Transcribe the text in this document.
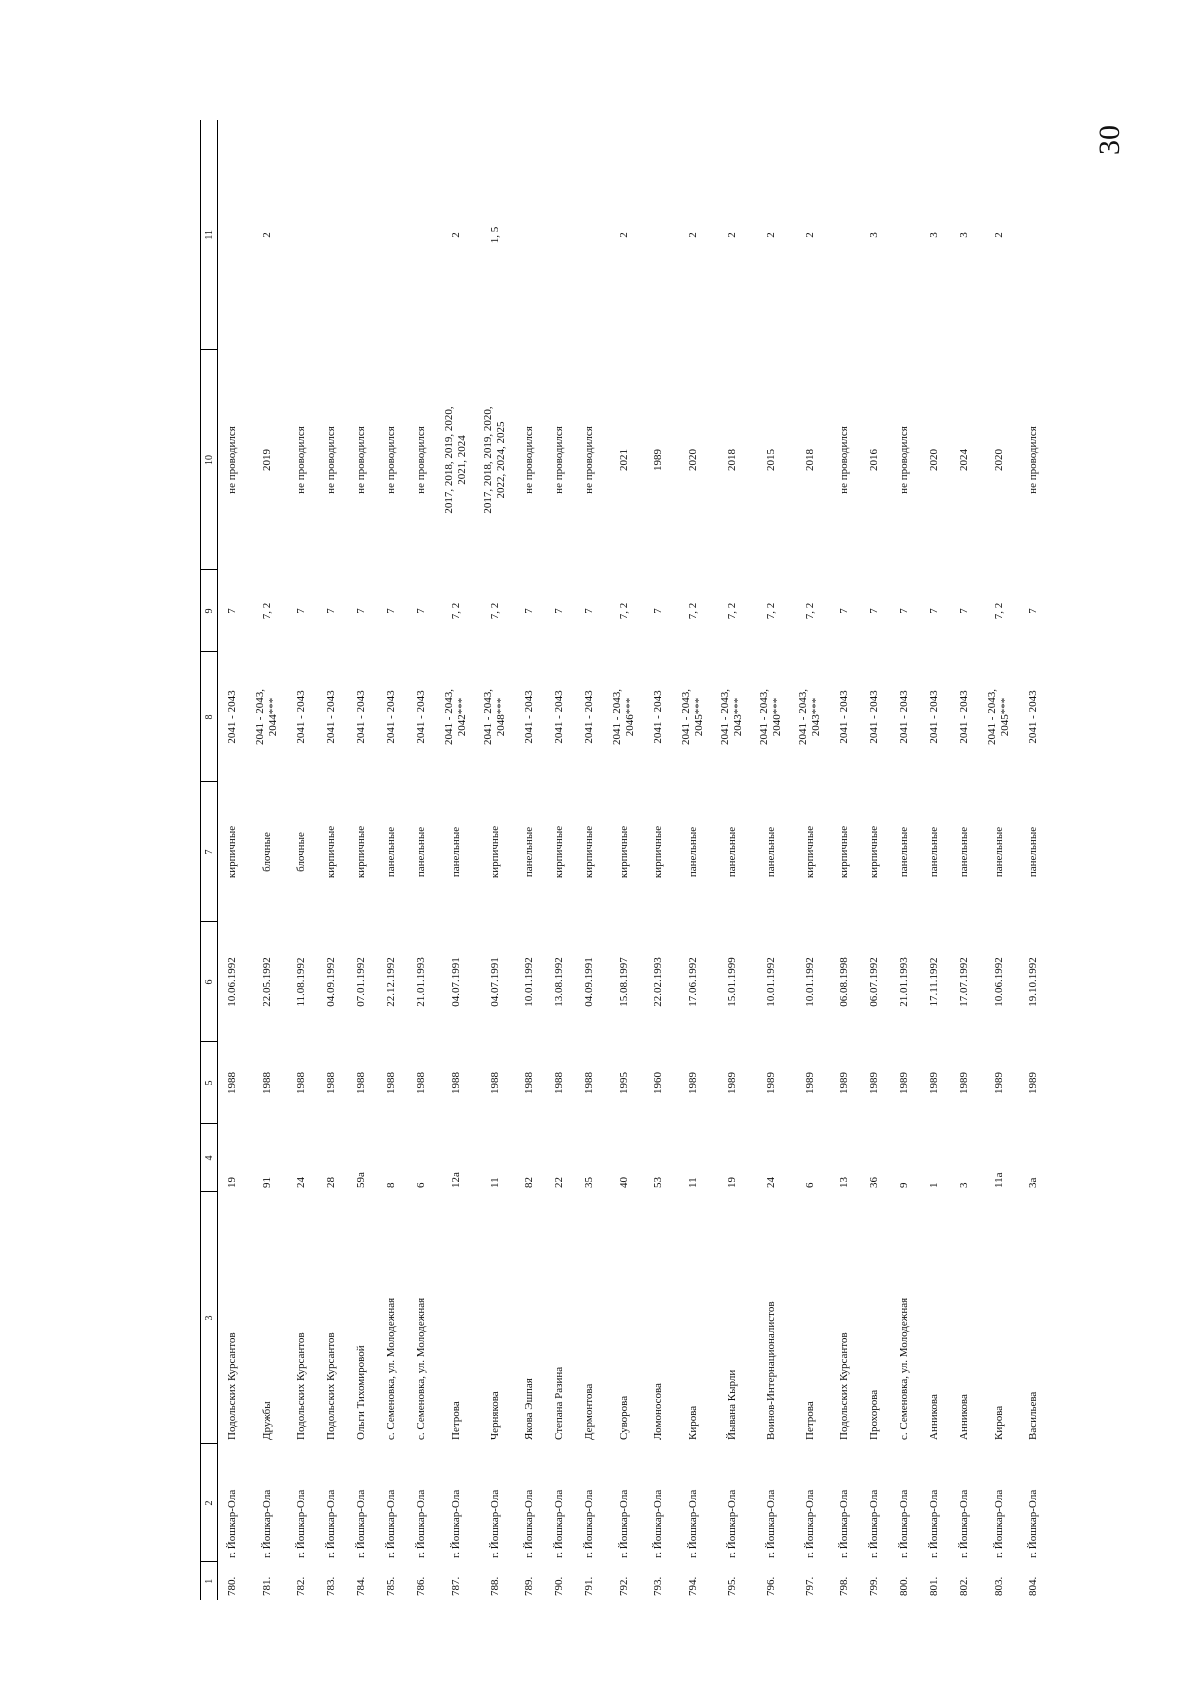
30
1	2	3	4	5	6	7	8	9	10	11
780.	г. Йошкар-Ола	Подольских Курсантов	19	1988	10.06.1992	кирпичные	2041 - 2043	7	не проводился	

781.	г. Йошкар-Ола	Дружбы	91	1988	22.05.1992	блочные	2041 - 2043, 2044***	7, 2	2019	2
782.	г. Йошкар-Ола	Подольских Курсантов	24	1988	11.08.1992	блочные	2041 - 2043	7	не проводился	

783.	г. Йошкар-Ола	Подольских Курсантов	28	1988	04.09.1992	кирпичные	2041 - 2043	7	не проводился	

784.	г. Йошкар-Ола	Ольги Тихомировой	59а	1988	07.01.1992	кирпичные	2041 - 2043	7	не проводился	

785.	г. Йошкар-Ола	с. Семеновка, ул. Молодежная	8	1988	22.12.1992	панельные	2041 - 2043	7	не проводился	

786.	г. Йошкар-Ола	с. Семеновка, ул. Молодежная	6	1988	21.01.1993	панельные	2041 - 2043	7	не проводился	

787.	г. Йошкар-Ола	Петрова	12а	1988	04.07.1991	панельные	2041 - 2043, 2042***	7, 2	2017, 2018, 2019, 2020, 2021, 2024	2
788.	г. Йошкар-Ола	Чернякова	11	1988	04.07.1991	кирпичные	2041 - 2043, 2048***	7, 2	2017, 2018, 2019, 2020, 2022, 2024, 2025	1, 5
789.	г. Йошкар-Ола	Якова Эшпая	82	1988	10.01.1992	панельные	2041 - 2043	7	не проводился	

790.	г. Йошкар-Ола	Степана Разина	22	1988	13.08.1992	кирпичные	2041 - 2043	7	не проводился	

791.	г. Йошкар-Ола	Дермонтова	35	1988	04.09.1991	кирпичные	2041 - 2043	7	не проводился	

792.	г. Йошкар-Ола	Суворова	40	1995	15.08.1997	кирпичные	2041 - 2043, 2046***	7, 2	2021	2
793.	г. Йошкар-Ола	Ломоносова	53	1960	22.02.1993	кирпичные	2041 - 2043	7	1989	

794.	г. Йошкар-Ола	Кирова	11	1989	17.06.1992	панельные	2041 - 2043, 2045***	7, 2	2020	2
795.	г. Йошкар-Ола	Йывана Кырли	19	1989	15.01.1999	панельные	2041 - 2043, 2043***	7, 2	2018	2
796.	г. Йошкар-Ола	Воинов-Интернационалистов	24	1989	10.01.1992	панельные	2041 - 2043, 2040***	7, 2	2015	2
797.	г. Йошкар-Ола	Петрова	6	1989	10.01.1992	кирпичные	2041 - 2043, 2043***	7, 2	2018	2
798.	г. Йошкар-Ола	Подольских Курсантов	13	1989	06.08.1998	кирпичные	2041 - 2043	7	не проводился	

799.	г. Йошкар-Ола	Прохорова	36	1989	06.07.1992	кирпичные	2041 - 2043	7	2016	3
800.	г. Йошкар-Ола	с. Семеновка, ул. Молодежная	9	1989	21.01.1993	панельные	2041 - 2043	7	не проводился	

801.	г. Йошкар-Ола	Анникова	1	1989	17.11.1992	панельные	2041 - 2043	7	2020	3
802.	г. Йошкар-Ола	Анникова	3	1989	17.07.1992	панельные	2041 - 2043	7	2024	3
803.	г. Йошкар-Ола	Кирова	11а	1989	10.06.1992	панельные	2041 - 2043, 2045***	7, 2	2020	2
804.	г. Йошкар-Ола	Васильева	3а	1989	19.10.1992	панельные	2041 - 2043	7	не проводился	
